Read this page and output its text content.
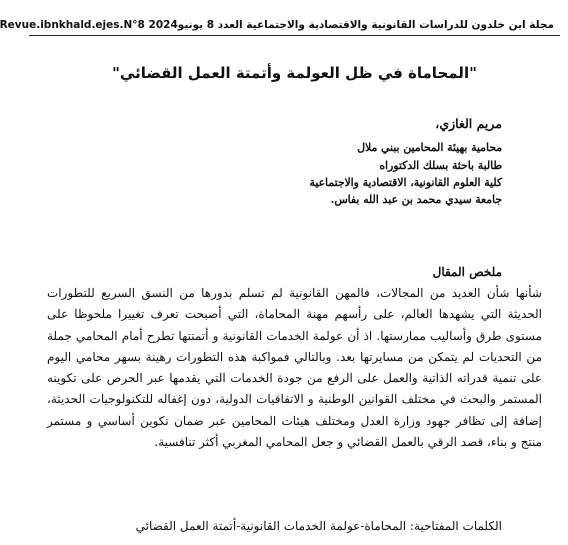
مجلة ابن خلدون للدراسات القانونية والاقتصادية والاجتماعية العدد 8 يونيو2024 Revue.ibnkhald.ejes.N°8
"المحاماة في ظل العولمة وأتمتة العمل القضائي"
مريم الغازي،
محامية بهيئة المحامين ببني ملال
طالبة باحثة بسلك الدكتوراه
كلية العلوم القانونية، الاقتصادية والاجتماعية
جامعة سيدي محمد بن عبد الله بفاس.
ملخص المقال
شأنها شأن العديد من المجالات، فالمهن القانونية لم تسلم بدورها من النسق السريع للتطورات الحديثة التي يشهدها العالم، على رأسهم مهنة المحاماة، التي أصبحت تعرف تغييرا ملحوظا على مستوى طرق وأساليب ممارستها. اذ أن عولمة الخدمات القانونية و أتمتتها تطرح أمام المحامي جملة من التحديات لم يتمكن من مسايرتها بعد. وبالتالي فمواكبة هذه التطورات رهينة بسهر محامي اليوم على تنمية قدراته الذاتية والعمل على الرفع من جودة الخدمات التي يقدمها عبر الحرص على تكوينه المستمر والبحث في مختلف القوانين الوطنية و الاتفاقيات الدولية، دون إغفاله للتكنولوجيات الحديثة، إضافة إلى تظافر جهود وزارة العدل ومختلف هيئات المحامين عبر ضمان تكوين أساسي و مستمر منتج و بناء، قصد الرقي بالعمل القضائي و جعل المحامي المغربي أكثر تنافسية.
الكلمات المفتاحية: المحاماة-عولمة الخدمات القانونية-أتمتة العمل القضائي
